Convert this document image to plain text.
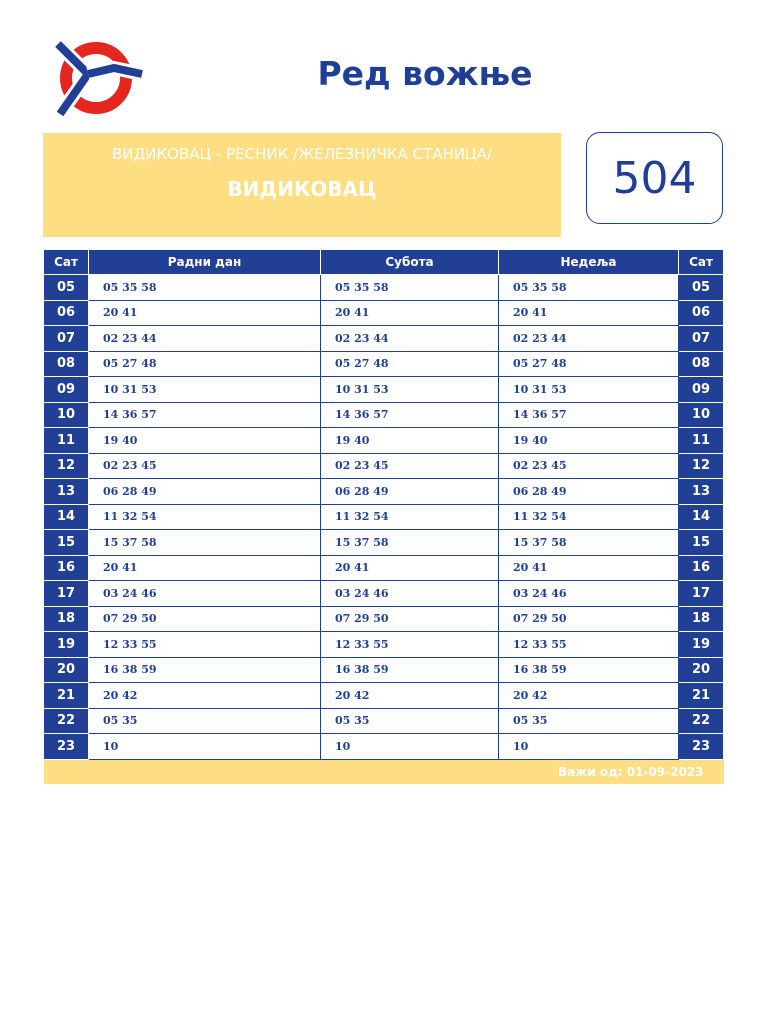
Ред вожње
ВИДИКОВАЦ - РЕСНИК /ЖЕЛЕЗНИЧКА СТАНИЦА/
ВИДИКОВАЦ	504
Сат	Радни дан	Субота	Недеља	Сат
05	05 35 58	05 35 58	05 35 58	05
06	20 41	20 41	20 41	06
07	02 23 44	02 23 44	02 23 44	07
08	05 27 48	05 27 48	05 27 48	08
09	10 31 53	10 31 53	10 31 53	09
10	14 36 57	14 36 57	14 36 57	10
11	19 40	19 40	19 40	11
12	02 23 45	02 23 45	02 23 45	12
13	06 28 49	06 28 49	06 28 49	13
14	11 32 54	11 32 54	11 32 54	14
15	15 37 58	15 37 58	15 37 58	15
16	20 41	20 41	20 41	16
17	03 24 46	03 24 46	03 24 46	17
18	07 29 50	07 29 50	07 29 50	18
19	12 33 55	12 33 55	12 33 55	19
20	16 38 59	16 38 59	16 38 59	20
21	20 42	20 42	20 42	21
22	05 35	05 35	05 35	22
23	10	10	10	23
Важи од: 01-09-2023				
